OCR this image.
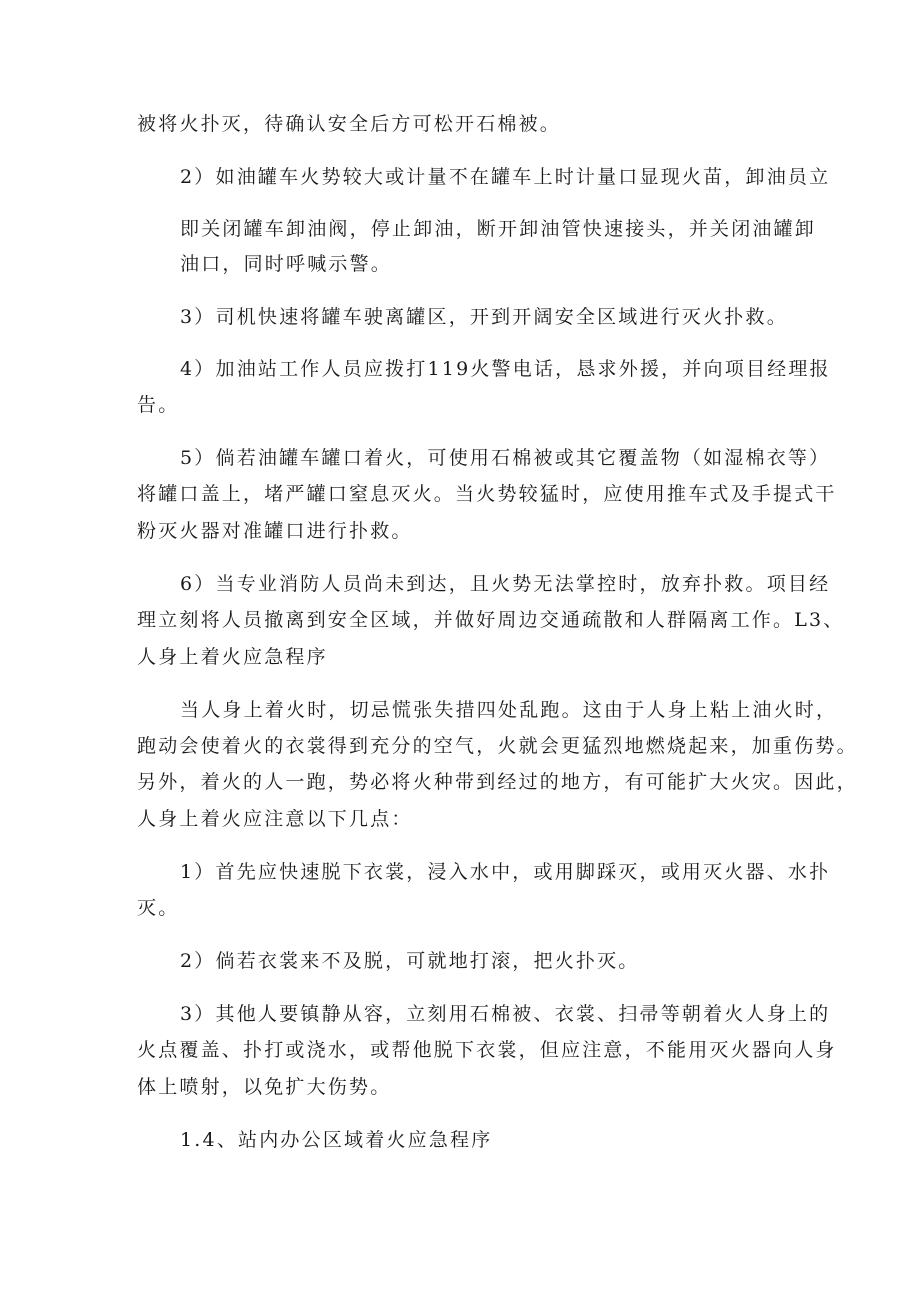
被将火扑灭，待确认安全后方可松开石棉被。
2）如油罐车火势较大或计量不在罐车上时计量口显现火苗，卸油员立
即关闭罐车卸油阀，停止卸油，断开卸油管快速接头，并关闭油罐卸
油口，同时呼喊示警。
3）司机快速将罐车驶离罐区，开到开阔安全区域进行灭火扑救。
4）加油站工作人员应拨打119火警电话，恳求外援，并向项目经理报
告。
5）倘若油罐车罐口着火，可使用石棉被或其它覆盖物（如湿棉衣等）
将罐口盖上，堵严罐口窒息灭火。当火势较猛时，应使用推车式及手提式干
粉灭火器对准罐口进行扑救。
6）当专业消防人员尚未到达，且火势无法掌控时，放弃扑救。项目经
理立刻将人员撤离到安全区域，并做好周边交通疏散和人群隔离工作。L3、
人身上着火应急程序
当人身上着火时，切忌慌张失措四处乱跑。这由于人身上粘上油火时，
跑动会使着火的衣裳得到充分的空气，火就会更猛烈地燃烧起来，加重伤势。
另外，着火的人一跑，势必将火种带到经过的地方，有可能扩大火灾。因此，
人身上着火应注意以下几点：
1）首先应快速脱下衣裳，浸入水中，或用脚踩灭，或用灭火器、水扑
灭。
2）倘若衣裳来不及脱，可就地打滚，把火扑灭。
3）其他人要镇静从容，立刻用石棉被、衣裳、扫帚等朝着火人身上的
火点覆盖、扑打或浇水，或帮他脱下衣裳，但应注意，不能用灭火器向人身
体上喷射，以免扩大伤势。
1.4、站内办公区域着火应急程序
